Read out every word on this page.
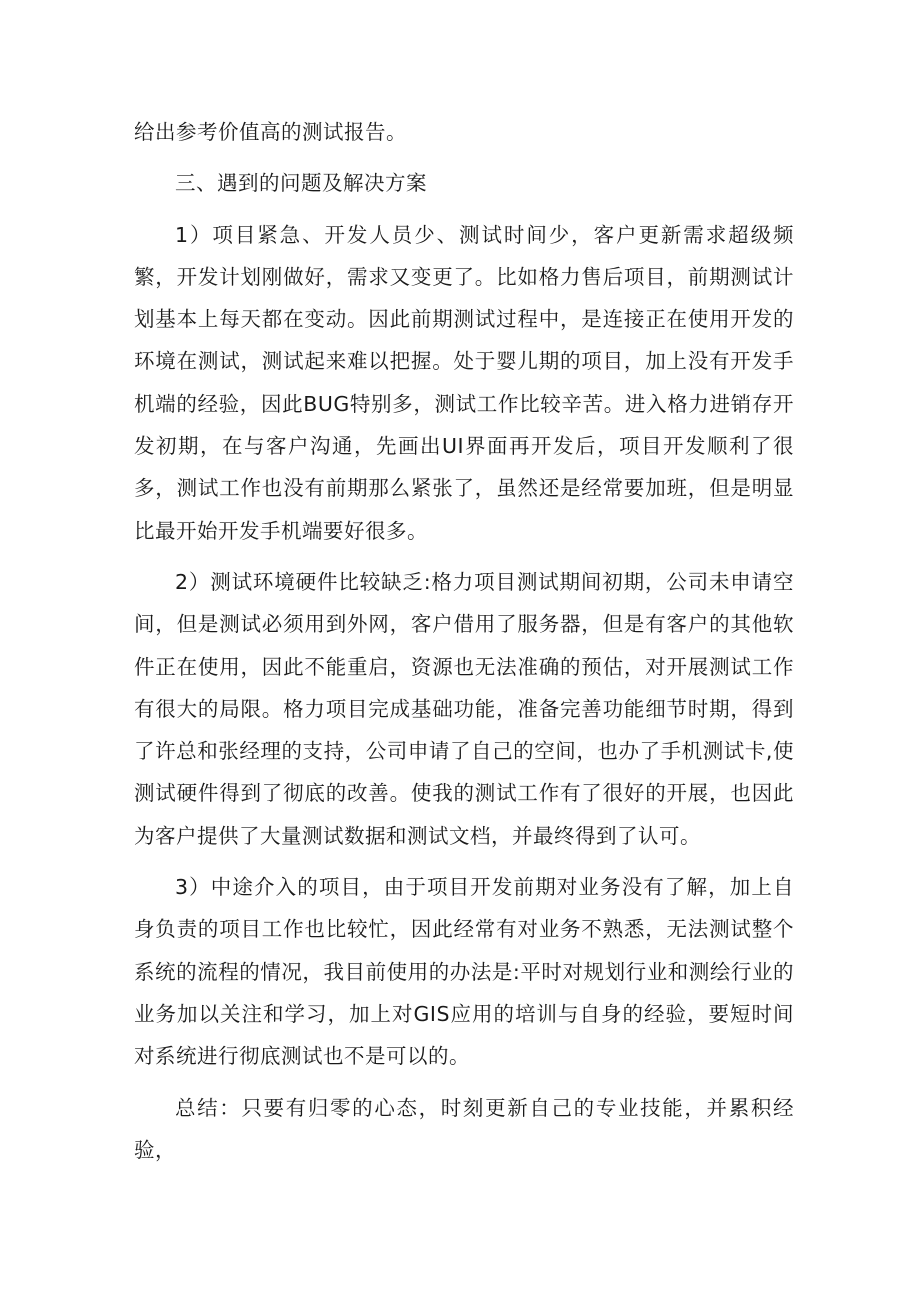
给出参考价值高的测试报告。

三、遇到的问题及解决方案

1）项目紧急、开发人员少、测试时间少，客户更新需求超级频繁，开发计划刚做好，需求又变更了。比如格力售后项目，前期测试计划基本上每天都在变动。因此前期测试过程中，是连接正在使用开发的环境在测试，测试起来难以把握。处于婴儿期的项目，加上没有开发手机端的经验，因此BUG特别多，测试工作比较辛苦。进入格力进销存开发初期，在与客户沟通，先画出UI界面再开发后，项目开发顺利了很多，测试工作也没有前期那么紧张了，虽然还是经常要加班，但是明显比最开始开发手机端要好很多。

2）测试环境硬件比较缺乏:格力项目测试期间初期，公司未申请空间，但是测试必须用到外网，客户借用了服务器，但是有客户的其他软件正在使用，因此不能重启，资源也无法准确的预估，对开展测试工作有很大的局限。格力项目完成基础功能，准备完善功能细节时期，得到了许总和张经理的支持，公司申请了自己的空间，也办了手机测试卡,使测试硬件得到了彻底的改善。使我的测试工作有了很好的开展，也因此为客户提供了大量测试数据和测试文档，并最终得到了认可。

3）中途介入的项目，由于项目开发前期对业务没有了解，加上自身负责的项目工作也比较忙，因此经常有对业务不熟悉，无法测试整个系统的流程的情况，我目前使用的办法是:平时对规划行业和测绘行业的业务加以关注和学习，加上对GIS应用的培训与自身的经验，要短时间对系统进行彻底测试也不是可以的。

总结：只要有归零的心态，时刻更新自己的专业技能，并累积经验，
